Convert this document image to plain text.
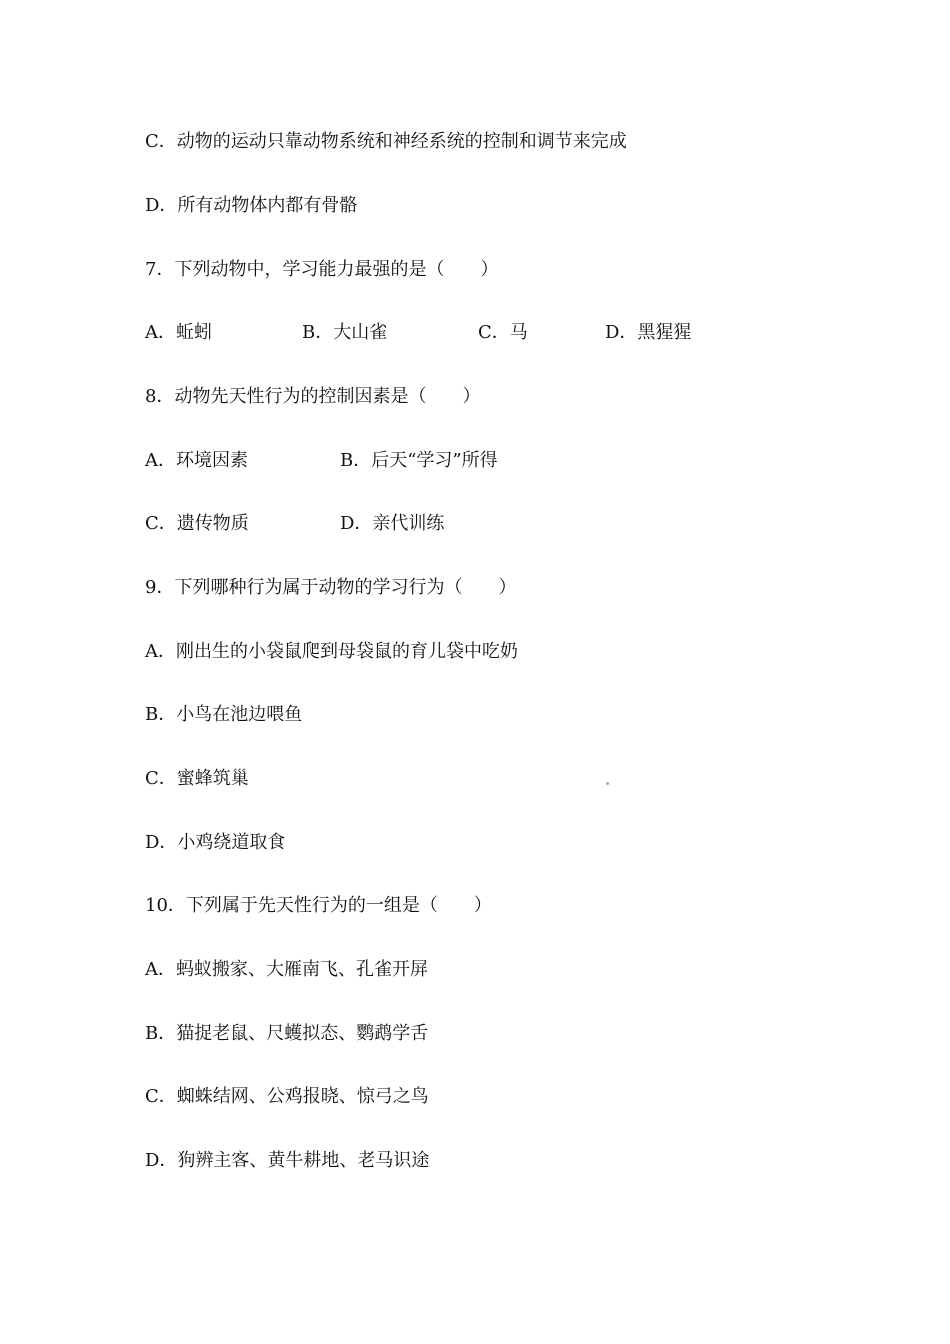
C．动物的运动只靠动物系统和神经系统的控制和调节来完成
D．所有动物体内都有骨骼
7．下列动物中，学习能力最强的是（　　）
A．蚯蚓	B．大山雀	C．马	D．黑猩猩
8．动物先天性行为的控制因素是（　　）
A．环境因素	B．后天“学习”所得
C．遗传物质	D．亲代训练
9．下列哪种行为属于动物的学习行为（　　）
A．刚出生的小袋鼠爬到母袋鼠的育儿袋中吃奶
B．小鸟在池边喂鱼
C．蜜蜂筑巢
D．小鸡绕道取食
10．下列属于先天性行为的一组是（　　）
A．蚂蚁搬家、大雁南飞、孔雀开屏
B．猫捉老鼠、尺蠖拟态、鹦鹉学舌
C．蜘蛛结网、公鸡报晓、惊弓之鸟
D．狗辨主客、黄牛耕地、老马识途
